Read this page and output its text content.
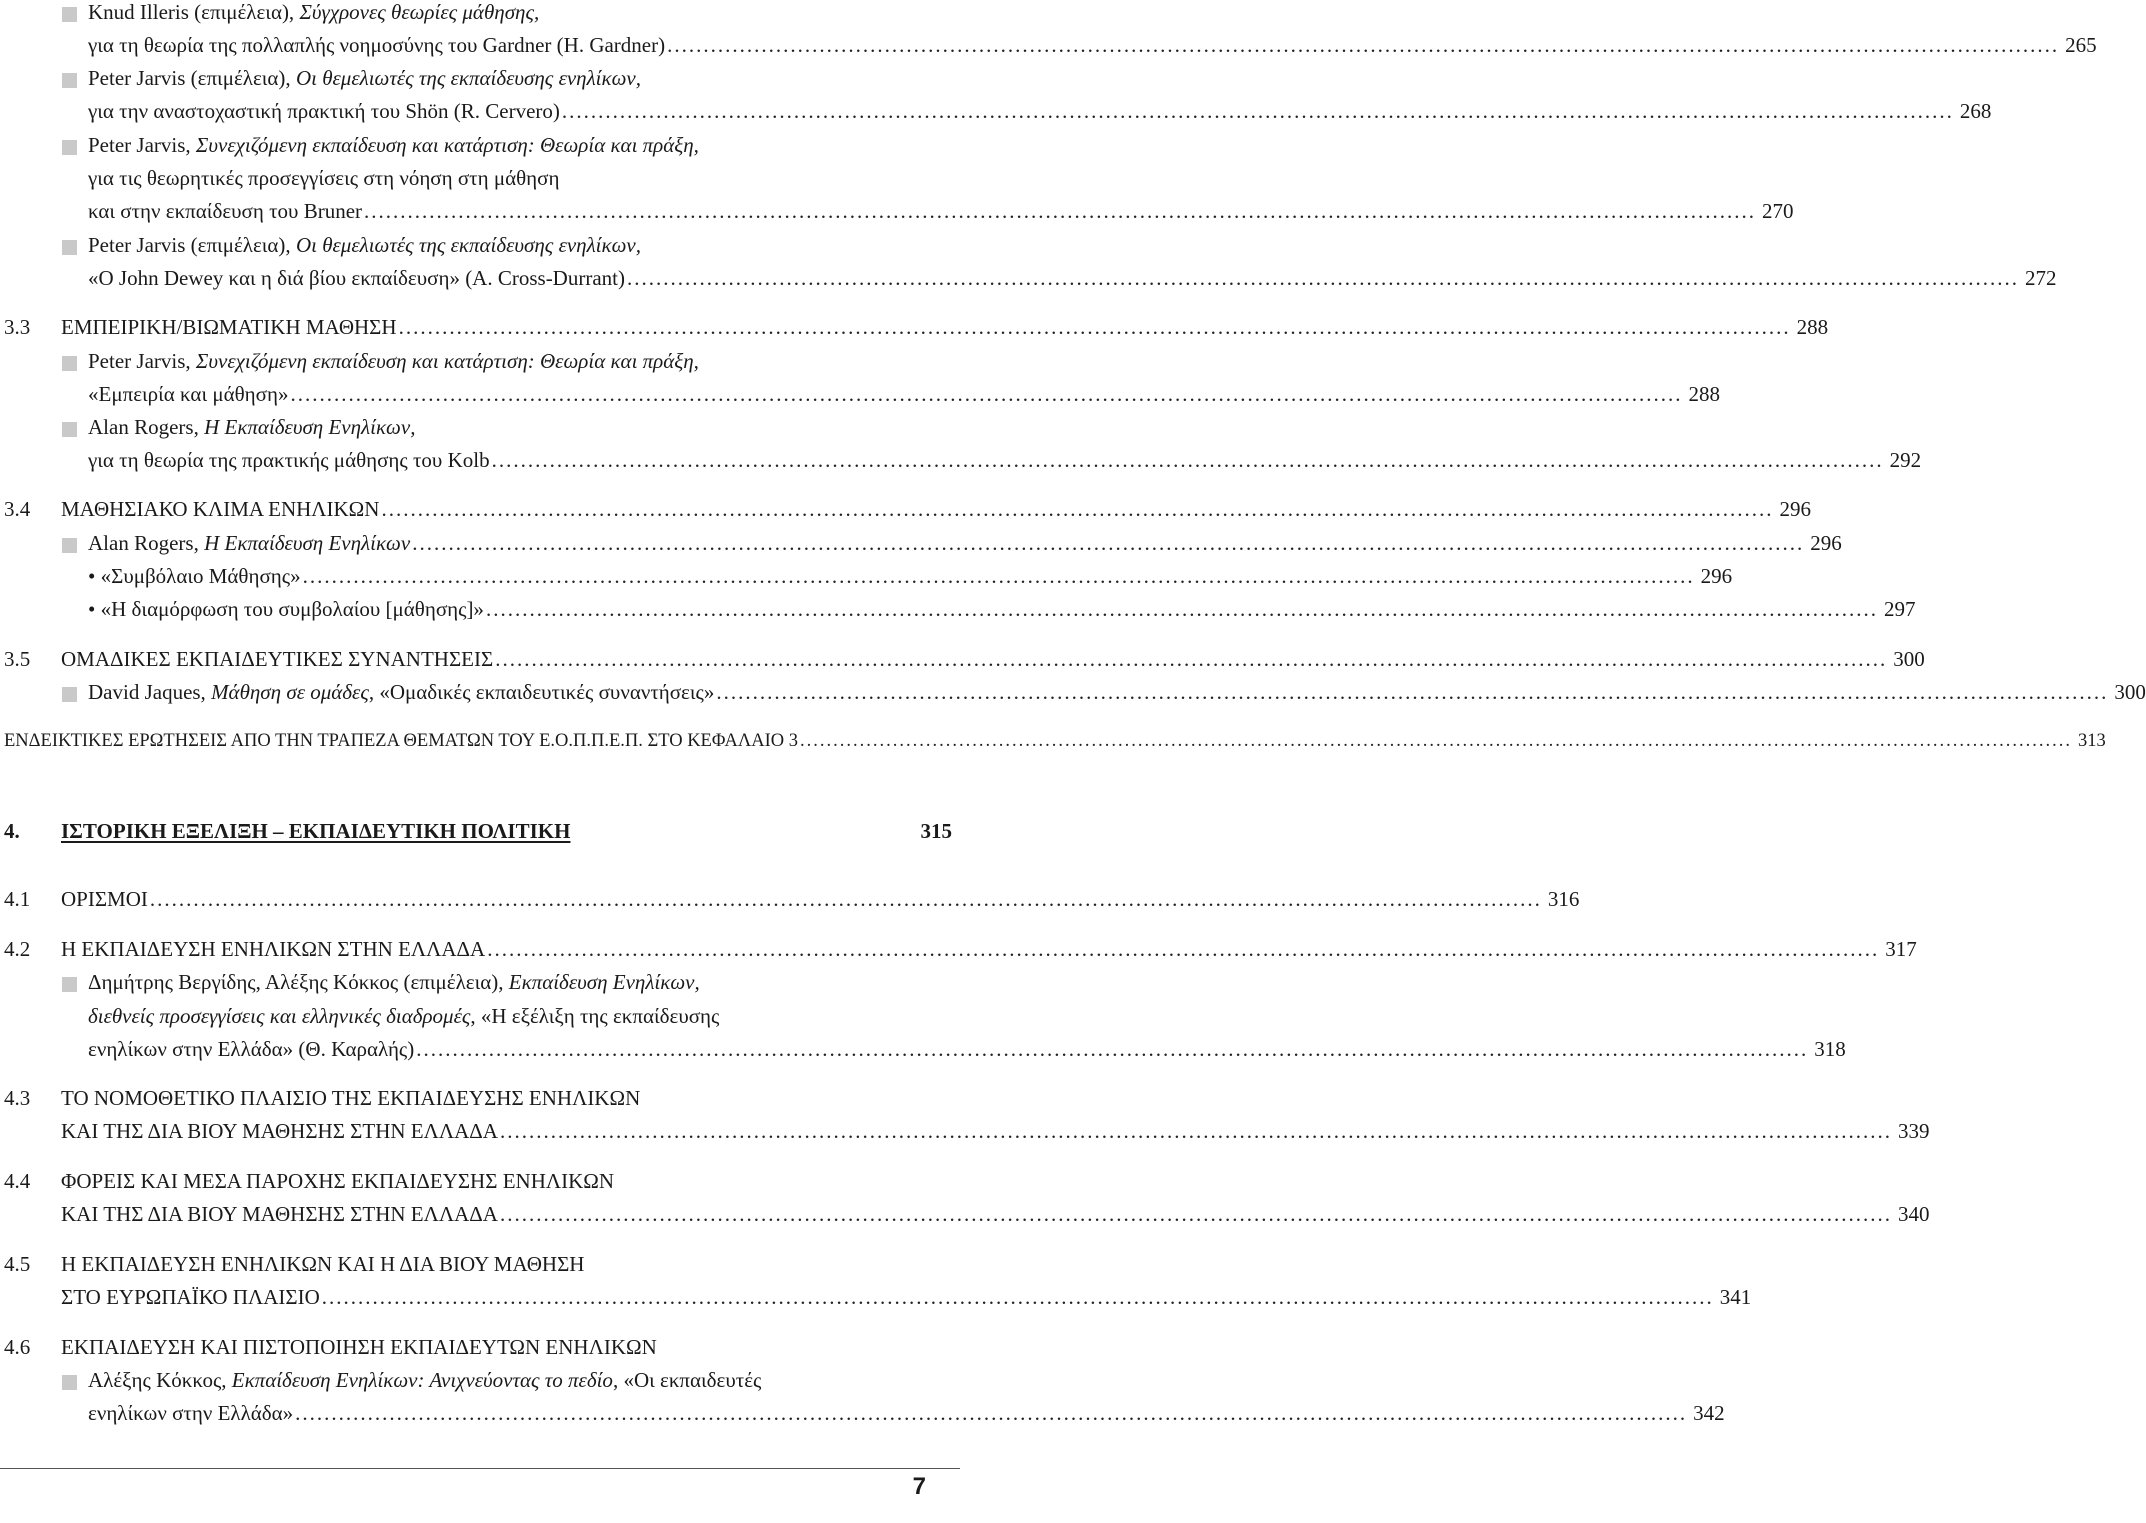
Knud Illeris (επιμέλεια), Σύγχρονες θεωρίες μάθησης,
για τη θεωρία της πολλαπλής νοημοσύνης του Gardner (H. Gardner) .....	265
Peter Jarvis (επιμέλεια), Οι θεμελιωτές της εκπαίδευσης ενηλίκων,
για την αναστοχαστική πρακτική του Shön (R. Cervero) .....	268
Peter Jarvis, Συνεχιζόμενη εκπαίδευση και κατάρτιση: Θεωρία και πράξη,
για τις θεωρητικές προσεγγίσεις στη νόηση στη μάθηση
και στην εκπαίδευση του Bruner .....	270
Peter Jarvis (επιμέλεια), Οι θεμελιωτές της εκπαίδευσης ενηλίκων,
«O John Dewey και η διά βίου εκπαίδευση» (A. Cross-Durrant) .....	272
3.3 ΕΜΠΕΙΡΙΚΗ/ΒΙΩΜΑΤΙΚΗ ΜΑΘΗΣΗ .....	288
Peter Jarvis, Συνεχιζόμενη εκπαίδευση και κατάρτιση: Θεωρία και πράξη,
«Εμπειρία και μάθηση» .....	288
Alan Rogers, Η Εκπαίδευση Ενηλίκων,
για τη θεωρία της πρακτικής μάθησης του Kolb .....	292
3.4 ΜΑΘΗΣΙΑΚΟ ΚΛΙΜΑ ΕΝΗΛΙΚΩΝ .....	296
Alan Rogers, Η Εκπαίδευση Ενηλίκων .....	296
• «Συμβόλαιο Μάθησης» .....	296
• «Η διαμόρφωση του συμβολαίου [μάθησης]» .....	297
3.5 ΟΜΑΔΙΚΕΣ ΕΚΠΑΙΔΕΥΤΙΚΕΣ ΣΥΝΑΝΤΗΣΕΙΣ .....	300
David Jaques, Μάθηση σε ομάδες, «Ομαδικές εκπαιδευτικές συναντήσεις» .....	300
ΕΝΔΕΙΚΤΙΚΕΣ ΕΡΩΤΗΣΕΙΣ ΑΠΟ ΤΗΝ ΤΡΑΠΕΖΑ ΘΕΜΑΤΩΝ ΤΟΥ Ε.Ο.Π.Π.Ε.Π. ΣΤΟ ΚΕΦΑΛΑΙΟ 3 .....	313
4.	ΙΣΤΟΡΙΚΗ ΕΞΕΛΙΞΗ – ΕΚΠΑΙΔΕΥΤΙΚΗ ΠΟΛΙΤΙΚΗ	315
4.1 ΟΡΙΣΜΟΙ .....	316
4.2 Η ΕΚΠΑΙΔΕΥΣΗ ΕΝΗΛΙΚΩΝ ΣΤΗΝ ΕΛΛΑΔΑ .....	317
Δημήτρης Βεργίδης, Αλέξης Κόκκος (επιμέλεια), Εκπαίδευση Ενηλίκων,
διεθνείς προσεγγίσεις και ελληνικές διαδρομές, «Η εξέλιξη της εκπαίδευσης
ενηλίκων στην Ελλάδα» (Θ. Καραλής) .....	318
4.3 ΤΟ ΝΟΜΟΘΕΤΙΚΟ ΠΛΑΙΣΙΟ ΤΗΣ ΕΚΠΑΙΔΕΥΣΗΣ ΕΝΗΛΙΚΩΝ
ΚΑΙ ΤΗΣ ΔΙΑ ΒΙΟΥ ΜΑΘΗΣΗΣ ΣΤΗΝ ΕΛΛΑΔΑ .....	339
4.4 ΦΟΡΕΙΣ ΚΑΙ ΜΕΣΑ ΠΑΡΟΧΗΣ ΕΚΠΑΙΔΕΥΣΗΣ ΕΝΗΛΙΚΩΝ
ΚΑΙ ΤΗΣ ΔΙΑ ΒΙΟΥ ΜΑΘΗΣΗΣ ΣΤΗΝ ΕΛΛΑΔΑ .....	340
4.5 Η ΕΚΠΑΙΔΕΥΣΗ ΕΝΗΛΙΚΩΝ ΚΑΙ Η ΔΙΑ ΒΙΟΥ ΜΑΘΗΣΗ
ΣΤΟ ΕΥΡΩΠΑΪΚΟ ΠΛΑΙΣΙΟ .....	341
4.6 ΕΚΠΑΙΔΕΥΣΗ ΚΑΙ ΠΙΣΤΟΠΟΙΗΣΗ ΕΚΠΑΙΔΕΥΤΩΝ ΕΝΗΛΙΚΩΝ
Αλέξης Κόκκος, Εκπαίδευση Ενηλίκων: Ανιχνεύοντας το πεδίο, «Οι εκπαιδευτές
ενηλίκων στην Ελλάδα» .....	342
7
